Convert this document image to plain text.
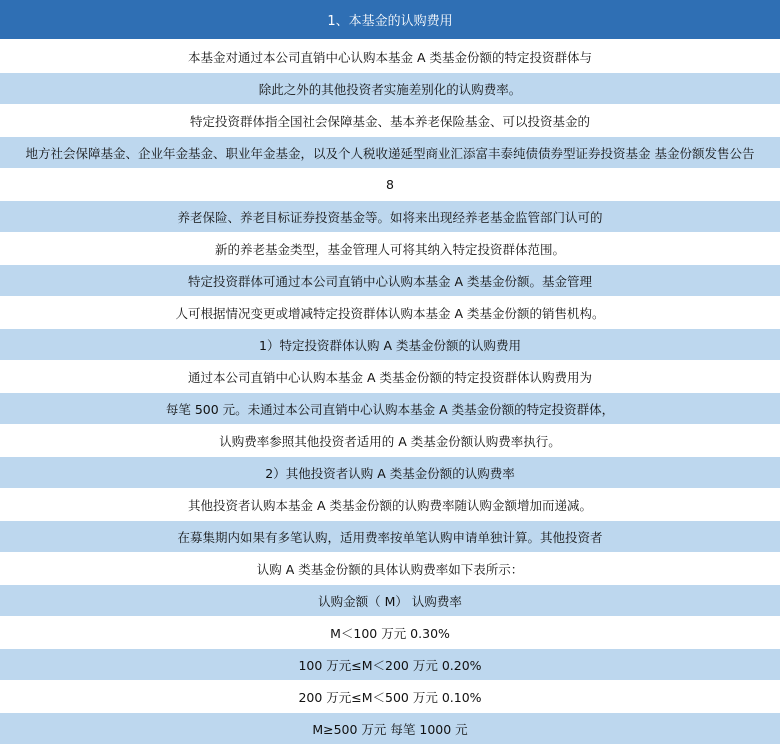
1、本基金的认购费用
本基金对通过本公司直销中心认购本基金 A 类基金份额的特定投资群体与
除此之外的其他投资者实施差别化的认购费率。
特定投资群体指全国社会保障基金、基本养老保险基金、可以投资基金的
地方社会保障基金、企业年金基金、职业年金基金，以及个人税收递延型商业汇添富丰泰纯债债券型证券投资基金 基金份额发售公告
8
养老保险、养老目标证券投资基金等。如将来出现经养老基金监管部门认可的
新的养老基金类型，基金管理人可将其纳入特定投资群体范围。
特定投资群体可通过本公司直销中心认购本基金 A 类基金份额。基金管理
人可根据情况变更或增减特定投资群体认购本基金 A 类基金份额的销售机构。
1）特定投资群体认购 A 类基金份额的认购费用
通过本公司直销中心认购本基金 A 类基金份额的特定投资群体认购费用为
每笔 500 元。未通过本公司直销中心认购本基金 A 类基金份额的特定投资群体，
认购费率参照其他投资者适用的 A 类基金份额认购费率执行。
2）其他投资者认购 A 类基金份额的认购费率
其他投资者认购本基金 A 类基金份额的认购费率随认购金额增加而递减。
在募集期内如果有多笔认购，适用费率按单笔认购申请单独计算。其他投资者
认购 A 类基金份额的具体认购费率如下表所示：
认购金额（ M） 认购费率
M＜100 万元 0.30%
100 万元≤M＜200 万元 0.20%
200 万元≤M＜500 万元 0.10%
M≥500 万元 每笔 1000 元
